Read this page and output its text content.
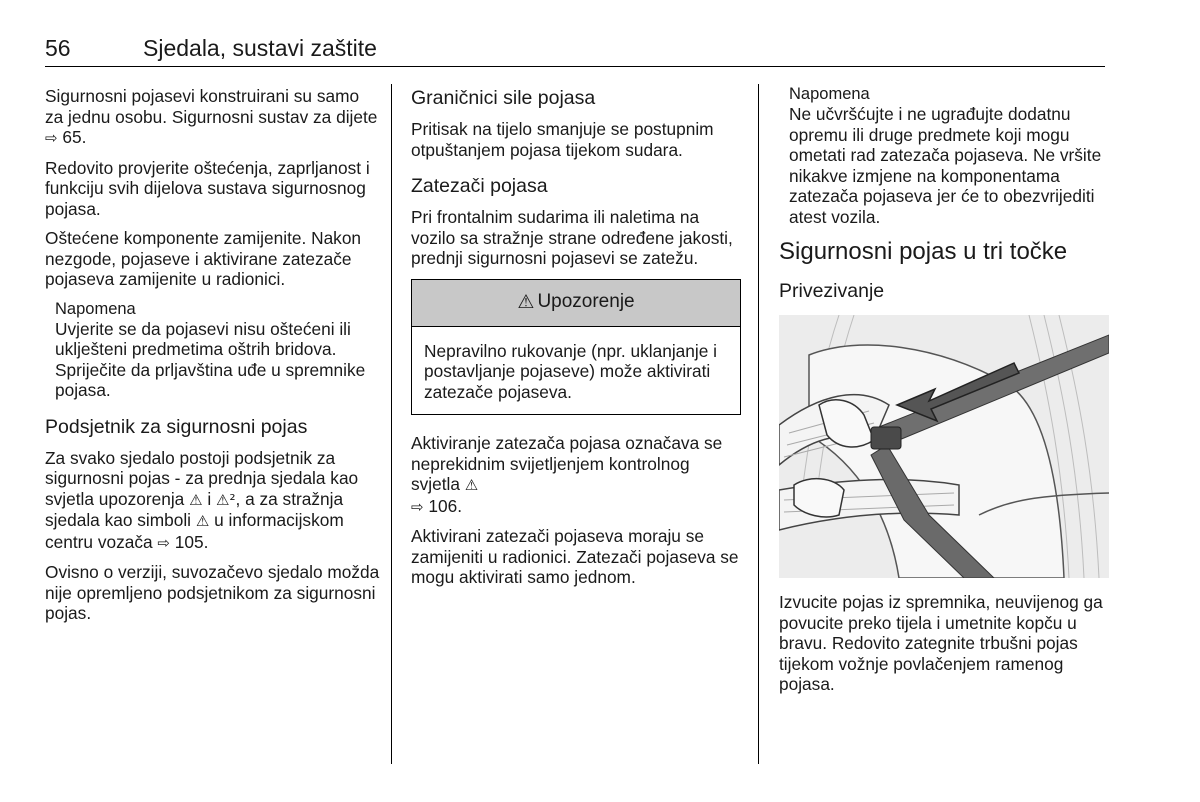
56	Sjedala, sustavi zaštite

Sigurnosni pojasevi konstruirani su samo za jednu osobu. Sigurnosni sustav za dijete ⇨ 65.

Redovito provjerite oštećenja, zaprljanost i funkciju svih dijelova sustava sigurnosnog pojasa.

Oštećene komponente zamijenite. Nakon nezgode, pojaseve i aktivirane zatezače pojaseva zamijenite u radionici.

Napomena
Uvjerite se da pojasevi nisu oštećeni ili uklješteni predmetima oštrih bridova. Spriječite da prljavština uđe u spremnike pojasa.
Podsjetnik za sigurnosni pojas

Za svako sjedalo postoji podsjetnik za sigurnosni pojas - za prednja sjedala kao svjetla upozorenja ⚠ i ⚠², a za stražnja sjedala kao simboli ⚠ u informacijskom centru vozača ⇨ 105.

Ovisno o verziji, suvozačevo sjedalo možda nije opremljeno podsjetnikom za sigurnosni pojas.

Graničnici sile pojasa

Pritisak na tijelo smanjuje se postupnim otpuštanjem pojasa tijekom sudara.

Zatezači pojasa

Pri frontalnim sudarima ili naletima na vozilo sa stražnje strane određene jakosti, prednji sigurnosni pojasevi se zatežu.

⚠ Upozorenje
Nepravilno rukovanje (npr. uklanjanje i postavljanje pojaseve) može aktivirati zatezače pojaseva.

Aktiviranje zatezača pojasa označava se neprekidnim svijetljenjem kontrolnog svjetla ⚠
⇨ 106.

Aktivirani zatezači pojaseva moraju se zamijeniti u radionici. Zatezači pojaseva se mogu aktivirati samo jednom.

Napomena
Ne učvršćujte i ne ugrađujte dodatnu opremu ili druge predmete koji mogu ometati rad zatezača pojaseva. Ne vršite nikakve izmjene na komponentama zatezača pojaseva jer će to obezvrijediti atest vozila.
Sigurnosni pojas u tri točke
Privezivanje

Izvucite pojas iz spremnika, neuvijenog ga povucite preko tijela i umetnite kopču u bravu. Redovito zategnite trbušni pojas tijekom vožnje povlačenjem ramenog pojasa.
